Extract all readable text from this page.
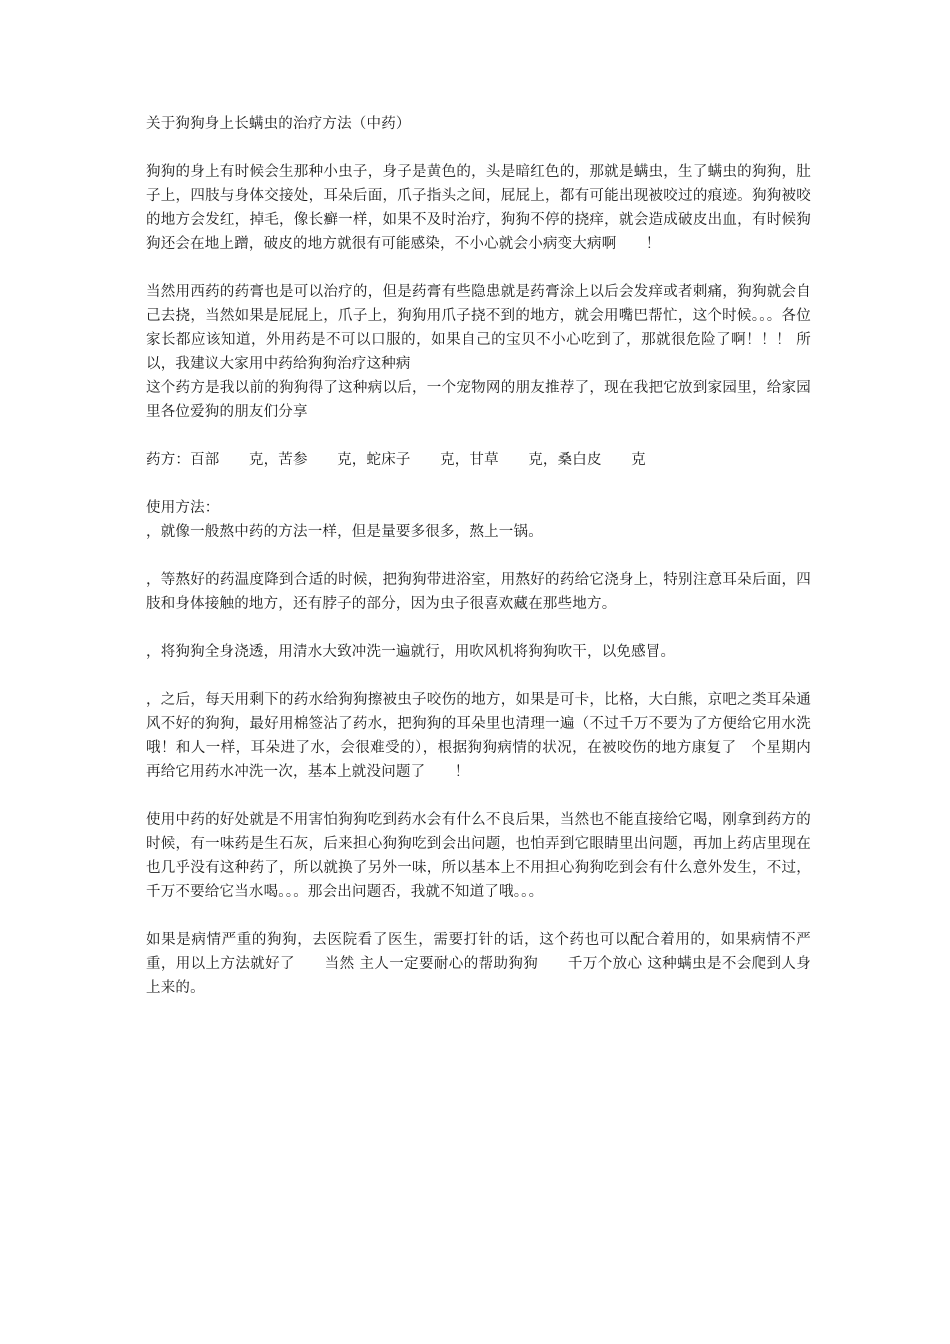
关于狗狗身上长螨虫的治疗方法（中药）

狗狗的身上有时候会生那种小虫子，身子是黄色的，头是暗红色的，那就是螨虫，生了螨虫的狗狗，肚子上，四肢与身体交接处，耳朵后面，爪子指头之间，屁屁上，都有可能出现被咬过的痕迹。狗狗被咬的地方会发红，掉毛，像长癣一样，如果不及时治疗，狗狗不停的挠痒，就会造成破皮出血，有时候狗狗还会在地上蹭，破皮的地方就很有可能感染，不小心就会小病变大病啊　　！

当然用西药的药膏也是可以治疗的，但是药膏有些隐患就是药膏涂上以后会发痒或者刺痛，狗狗就会自己去挠，当然如果是屁屁上，爪子上，狗狗用爪子挠不到的地方，就会用嘴巴帮忙，这个时候。。。各位家长都应该知道，外用药是不可以口服的，如果自己的宝贝不小心吃到了，那就很危险了啊！！！ 所以，我建议大家用中药给狗狗治疗这种病

这个药方是我以前的狗狗得了这种病以后，一个宠物网的朋友推荐了，现在我把它放到家园里，给家园里各位爱狗的朋友们分享

药方：百部　　克，苦参　　克，蛇床子　　克，甘草　　克，桑白皮　　克

使用方法：

，就像一般熬中药的方法一样，但是量要多很多，熬上一锅。

，等熬好的药温度降到合适的时候，把狗狗带进浴室，用熬好的药给它浇身上，特别注意耳朵后面，四肢和身体接触的地方，还有脖子的部分，因为虫子很喜欢藏在那些地方。

，将狗狗全身浇透，用清水大致冲洗一遍就行，用吹风机将狗狗吹干，以免感冒。

，之后，每天用剩下的药水给狗狗擦被虫子咬伤的地方，如果是可卡，比格，大白熊，京吧之类耳朵通风不好的狗狗，最好用棉签沾了药水，把狗狗的耳朵里也清理一遍（不过千万不要为了方便给它用水洗哦！和人一样，耳朵进了水，会很难受的），根据狗狗病情的状况，在被咬伤的地方康复了　个星期内再给它用药水冲洗一次，基本上就没问题了　　！

使用中药的好处就是不用害怕狗狗吃到药水会有什么不良后果，当然也不能直接给它喝，刚拿到药方的时候，有一味药是生石灰，后来担心狗狗吃到会出问题，也怕弄到它眼睛里出问题，再加上药店里现在也几乎没有这种药了，所以就换了另外一味，所以基本上不用担心狗狗吃到会有什么意外发生，不过，千万不要给它当水喝。。。那会出问题否，我就不知道了哦。。。

如果是病情严重的狗狗，去医院看了医生，需要打针的话，这个药也可以配合着用的，如果病情不严重，用以上方法就好了　　当然 主人一定要耐心的帮助狗狗　　千万个放心 这种螨虫是不会爬到人身上来的。
